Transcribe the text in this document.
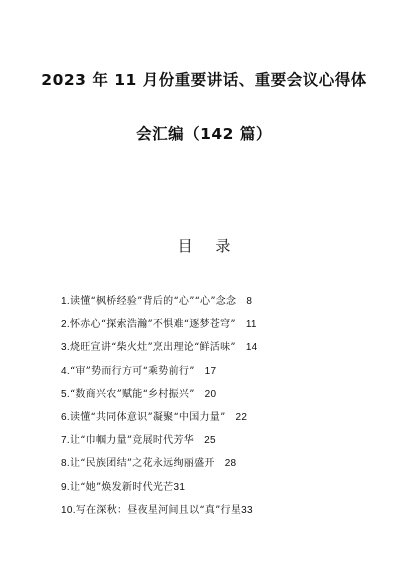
2023 年 11 月份重要讲话、重要会议心得体
会汇编（142 篇）
目 录
1.读懂“枫桥经验”背后的“心”“心”念念 8
2.怀赤心“探索浩瀚”不惧难“逐梦苍穹” 11
3.烧旺宣讲“柴火灶”烹出理论“鲜活味” 14
4.“审”势而行方可“乘势前行” 17
5.“数商兴农”赋能“乡村振兴” 20
6.读懂“共同体意识”凝聚“中国力量” 22
7.让“巾帼力量”竞展时代芳华 25
8.让“民族团结”之花永远绚丽盛开 28
9.让“她”焕发新时代光芒31
10.写在深秋：昼夜星河间且以“真”行星33
